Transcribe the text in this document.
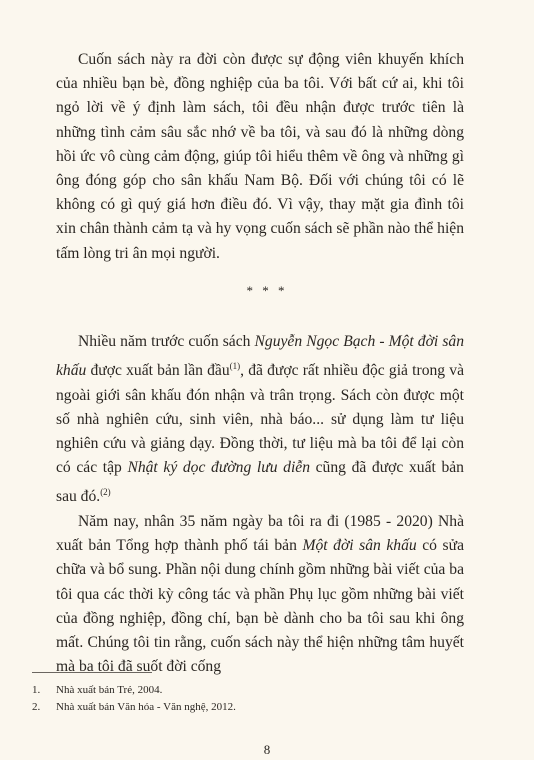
Cuốn sách này ra đời còn được sự động viên khuyến khích của nhiều bạn bè, đồng nghiệp của ba tôi. Với bất cứ ai, khi tôi ngỏ lời về ý định làm sách, tôi đều nhận được trước tiên là những tình cảm sâu sắc nhớ về ba tôi, và sau đó là những dòng hồi ức vô cùng cảm động, giúp tôi hiểu thêm về ông và những gì ông đóng góp cho sân khấu Nam Bộ. Đối với chúng tôi có lẽ không có gì quý giá hơn điều đó. Vì vậy, thay mặt gia đình tôi xin chân thành cảm tạ và hy vọng cuốn sách sẽ phần nào thể hiện tấm lòng tri ân mọi người.

* * *

Nhiều năm trước cuốn sách Nguyễn Ngọc Bạch - Một đời sân khấu được xuất bản lần đầu$^{(1)}$, đã được rất nhiều độc giả trong và ngoài giới sân khấu đón nhận và trân trọng. Sách còn được một số nhà nghiên cứu, sinh viên, nhà báo... sử dụng làm tư liệu nghiên cứu và giảng dạy. Đồng thời, tư liệu mà ba tôi để lại còn có các tập Nhật ký dọc đường lưu diễn cũng đã được xuất bản sau đó.$^{(2)}$

Năm nay, nhân 35 năm ngày ba tôi ra đi (1985 - 2020) Nhà xuất bản Tổng hợp thành phố tái bản Một đời sân khấu có sửa chữa và bổ sung. Phần nội dung chính gồm những bài viết của ba tôi qua các thời kỳ công tác và phần Phụ lục gồm những bài viết của đồng nghiệp, đồng chí, bạn bè dành cho ba tôi sau khi ông mất. Chúng tôi tin rằng, cuốn sách này thể hiện những tâm huyết mà ba tôi đã suốt đời cống

1.	Nhà xuất bản Trẻ, 2004.
2.	Nhà xuất bản Văn hóa - Văn nghệ, 2012.
8
